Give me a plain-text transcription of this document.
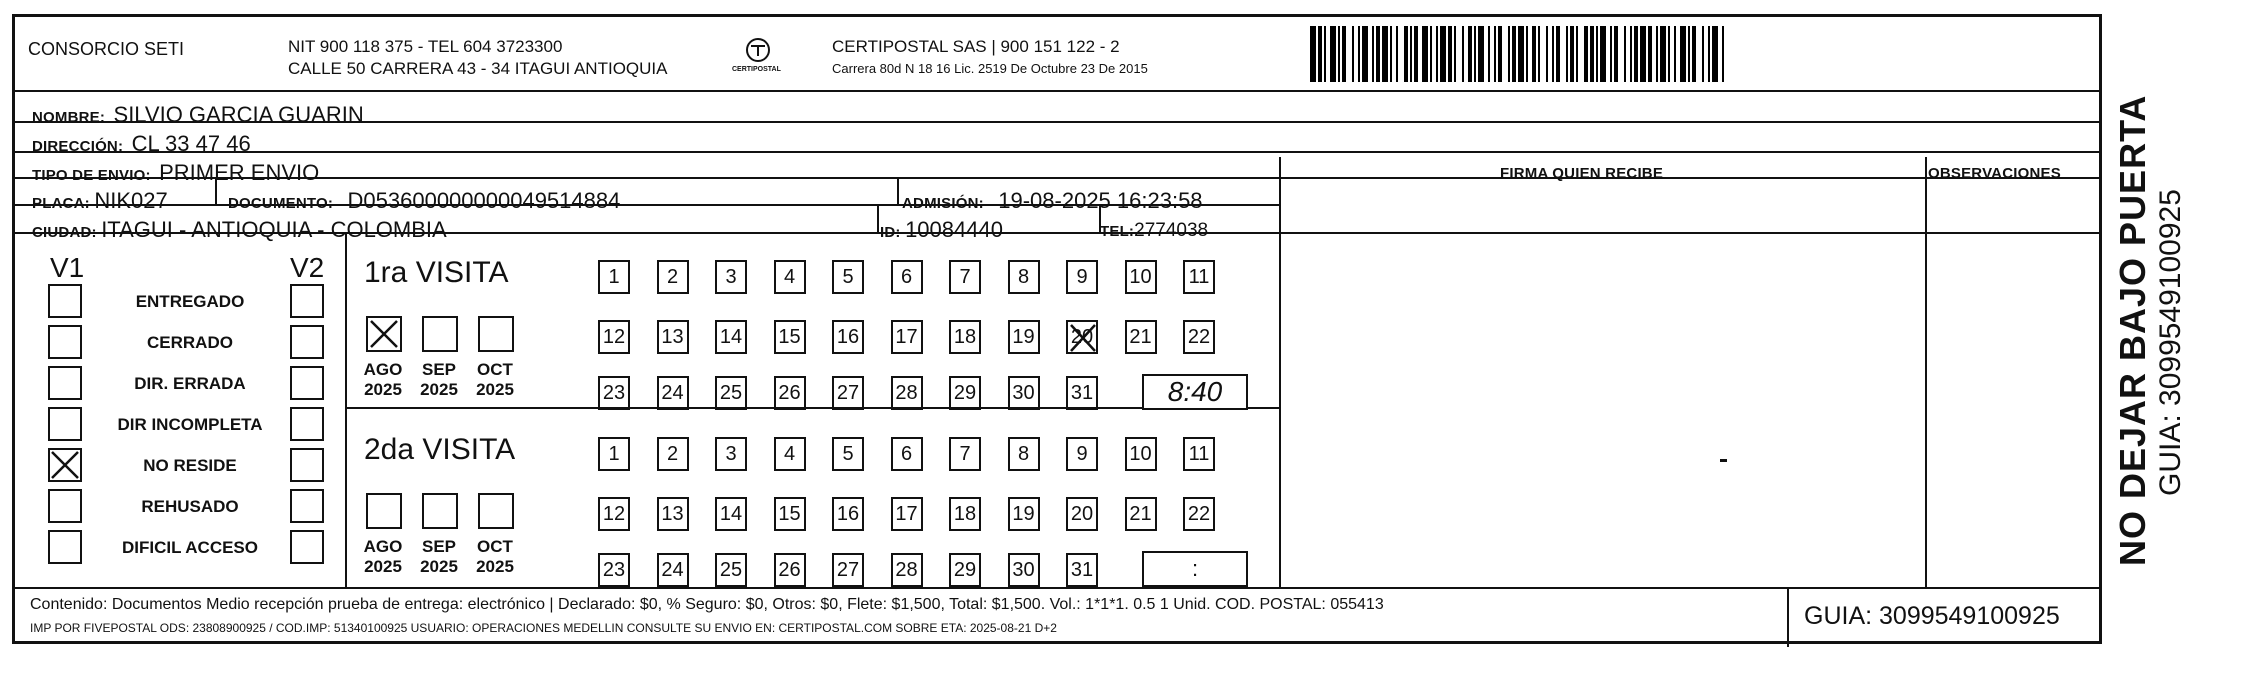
CONSORCIO SETI	NIT 900 118 375 - TEL 604 3723300
CALLE 50 CARRERA 43 - 34 ITAGUI ANTIOQUIA	CERTIPOSTAL
CERTIPOSTAL SAS | 900 151 122 - 2
Carrera 80d N 18 16 Lic. 2519 De Octubre 23 De 2015
NOMBRE: SILVIO GARCIA GUARIN
DIRECCIÓN: CL 33 47 46
TIPO DE ENVIO: PRIMER ENVIO	FIRMA QUIEN RECIBE	OBSERVACIONES
PLACA: NIK027	DOCUMENTO: D053600000000049514884	ADMISIÓN: 19-08-2025 16:23:58
CIUDAD: ITAGUI - ANTIOQUIA - COLOMBIA	ID: 10084440	TEL:2774038
V1	V2
ENTREGADO
CERRADO
DIR. ERRADA
DIR INCOMPLETA
NO RESIDE
REHUSADO
DIFICIL ACCESO
1ra VISITA
AGO
2025
SEP
2025
OCT
2025
1	2	3	4	5	6	7	8	9	10 11
12 13 14 15 16 17 18 19 20 21 22
23 24 25 26 27 28 29 30 31	8:40
2da VISITA
AGO
2025
SEP
2025
OCT
2025
1	2	3	4	5	6	7	8	9	10 11
12 13 14 15 16 17 18 19 20 21 22
23 24 25 26 27 28 29 30 31	:
Contenido: Documentos Medio recepción prueba de entrega: electrónico | Declarado: $0, % Seguro: $0, Otros: $0, Flete: $1,500, Total: $1,500. Vol.: 1*1*1. 0.5 1 Unid. COD. POSTAL: 055413
IMP POR FIVEPOSTAL ODS: 23808900925 / COD.IMP: 51340100925 USUARIO: OPERACIONES MEDELLIN CONSULTE SU ENVIO EN: CERTIPOSTAL.COM SOBRE ETA: 2025-08-21 D+2	GUIA: 3099549100925
NO DEJAR BAJO PUERTA GUIA: 3099549100925
